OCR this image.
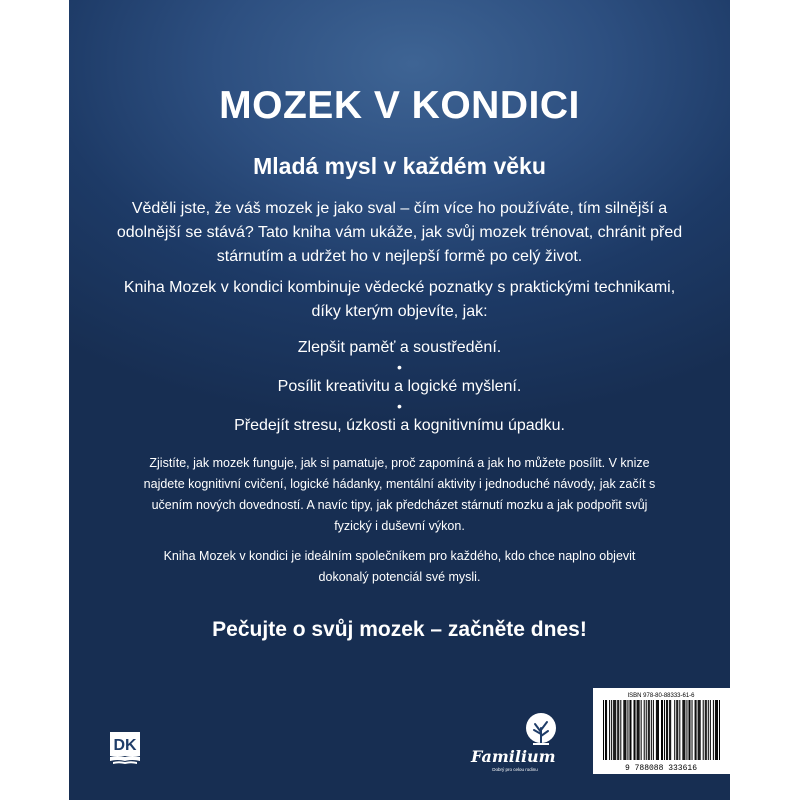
MOZEK V KONDICI
Mladá mysl v každém věku
Věděli jste, že váš mozek je jako sval – čím více ho používáte, tím silnější a odolnější se stává? Tato kniha vám ukáže, jak svůj mozek trénovat, chránit před stárnutím a udržet ho v nejlepší formě po celý život.
Kniha Mozek v kondici kombinuje vědecké poznatky s praktickými technikami, díky kterým objevíte, jak:
Zlepšit paměť a soustředění.
•
Posílit kreativitu a logické myšlení.
•
Předejít stresu, úzkosti a kognitivnímu úpadku.
Zjistíte, jak mozek funguje, jak si pamatuje, proč zapomíná a jak ho můžete posílit. V knize najdete kognitivní cvičení, logické hádanky, mentální aktivity i jednoduché návody, jak začít s učením nových dovedností. A navíc tipy, jak předcházet stárnutí mozku a jak podpořit svůj fyzický i duševní výkon.
Kniha Mozek v kondici je ideálním společníkem pro každého, kdo chce naplno objevit dokonalý potenciál své mysli.
Pečujte o svůj mozek – začněte dnes!
DK
Familium
Dobrý pro celou rodinu
ISBN 978-80-88333-61-6
9 788088 333616
